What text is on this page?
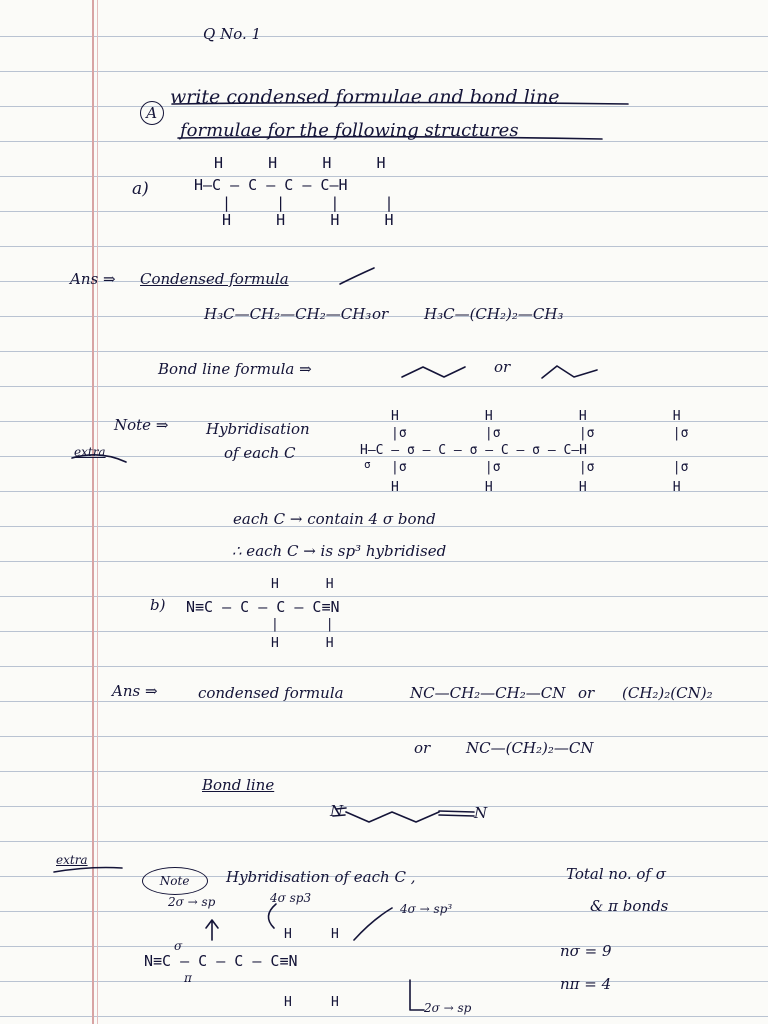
Q No. 1

A

write condensed formulae and bond line
formulae for the following structures
a)
H     H     H     H
H—C — C — C — C—H
|     |     |     |
H     H     H     H
Ans ⇒ Condensed formula
H₃C—CH₂—CH₂—CH₃ or H₃C—(CH₂)₂—CH₃
Bond line formula ⇒	or
Note ⇒
extra
Hybridisation
of each C
H           H           H           H
|σ          |σ          |σ          |σ
H—C — σ — C — σ — C — σ — C—H
σ |σ          |σ          |σ          |σ
H           H           H           H
each C → contain 4 σ bond
∴ each C → is sp³ hybridised
b)
H      H
N≡C — C — C — C≡N
|      |
H      H
Ans ⇒	condensed formula	NC—CH₂—CH₂—CN or (CH₂)₂(CN)₂
or NC—(CH₂)₂—CN
Bond line
N	N
extra

Note
	Hybridisation of each C ,	Total no. of σ
& π bonds
2σ → sp	4σ sp3
4σ → sp³
H     H
N≡C — C — C — C≡N
σ
π
H     H	2σ → sp
nσ = 9
nπ = 4
